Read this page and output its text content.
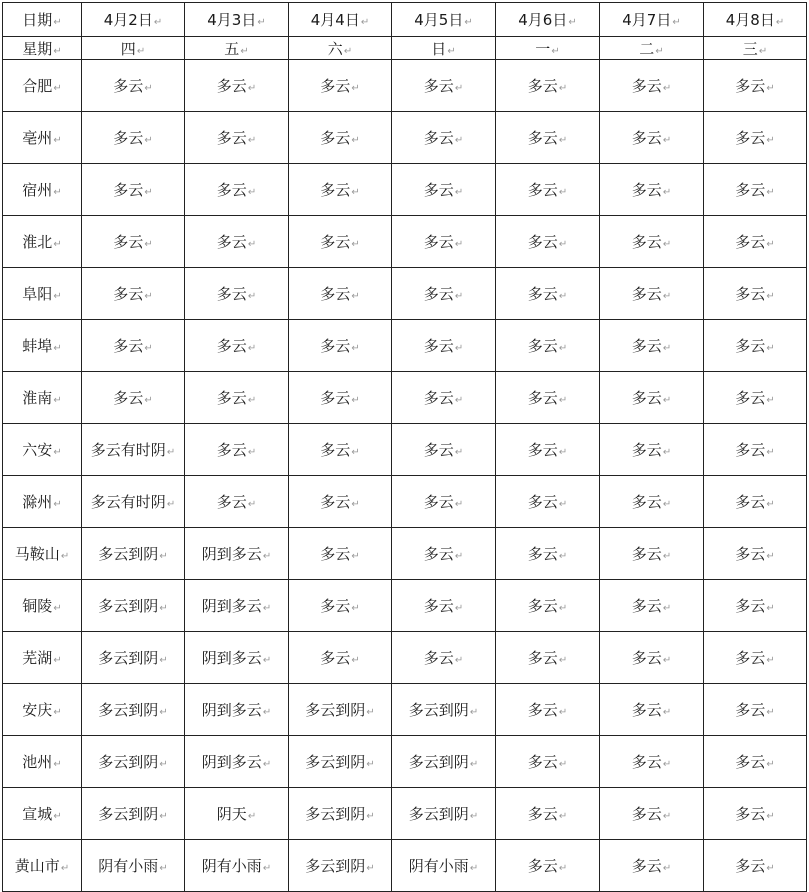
日期↵	4月2日↵	4月3日↵	4月4日↵	4月5日↵	4月6日↵	4月7日↵	4月8日↵
星期↵	四↵	五↵	六↵	日↵	一↵	二↵	三↵
合肥↵	多云↵	多云↵	多云↵	多云↵	多云↵	多云↵	多云↵
亳州↵	多云↵	多云↵	多云↵	多云↵	多云↵	多云↵	多云↵
宿州↵	多云↵	多云↵	多云↵	多云↵	多云↵	多云↵	多云↵
淮北↵	多云↵	多云↵	多云↵	多云↵	多云↵	多云↵	多云↵
阜阳↵	多云↵	多云↵	多云↵	多云↵	多云↵	多云↵	多云↵
蚌埠↵	多云↵	多云↵	多云↵	多云↵	多云↵	多云↵	多云↵
淮南↵	多云↵	多云↵	多云↵	多云↵	多云↵	多云↵	多云↵
六安↵	多云有时阴↵	多云↵	多云↵	多云↵	多云↵	多云↵	多云↵
滁州↵	多云有时阴↵	多云↵	多云↵	多云↵	多云↵	多云↵	多云↵
马鞍山↵	多云到阴↵	阴到多云↵	多云↵	多云↵	多云↵	多云↵	多云↵
铜陵↵	多云到阴↵	阴到多云↵	多云↵	多云↵	多云↵	多云↵	多云↵
芜湖↵	多云到阴↵	阴到多云↵	多云↵	多云↵	多云↵	多云↵	多云↵
安庆↵	多云到阴↵	阴到多云↵	多云到阴↵	多云到阴↵	多云↵	多云↵	多云↵
池州↵	多云到阴↵	阴到多云↵	多云到阴↵	多云到阴↵	多云↵	多云↵	多云↵
宣城↵	多云到阴↵	阴天↵	多云到阴↵	多云到阴↵	多云↵	多云↵	多云↵
黄山市↵	阴有小雨↵	阴有小雨↵	多云到阴↵	阴有小雨↵	多云↵	多云↵	多云↵
